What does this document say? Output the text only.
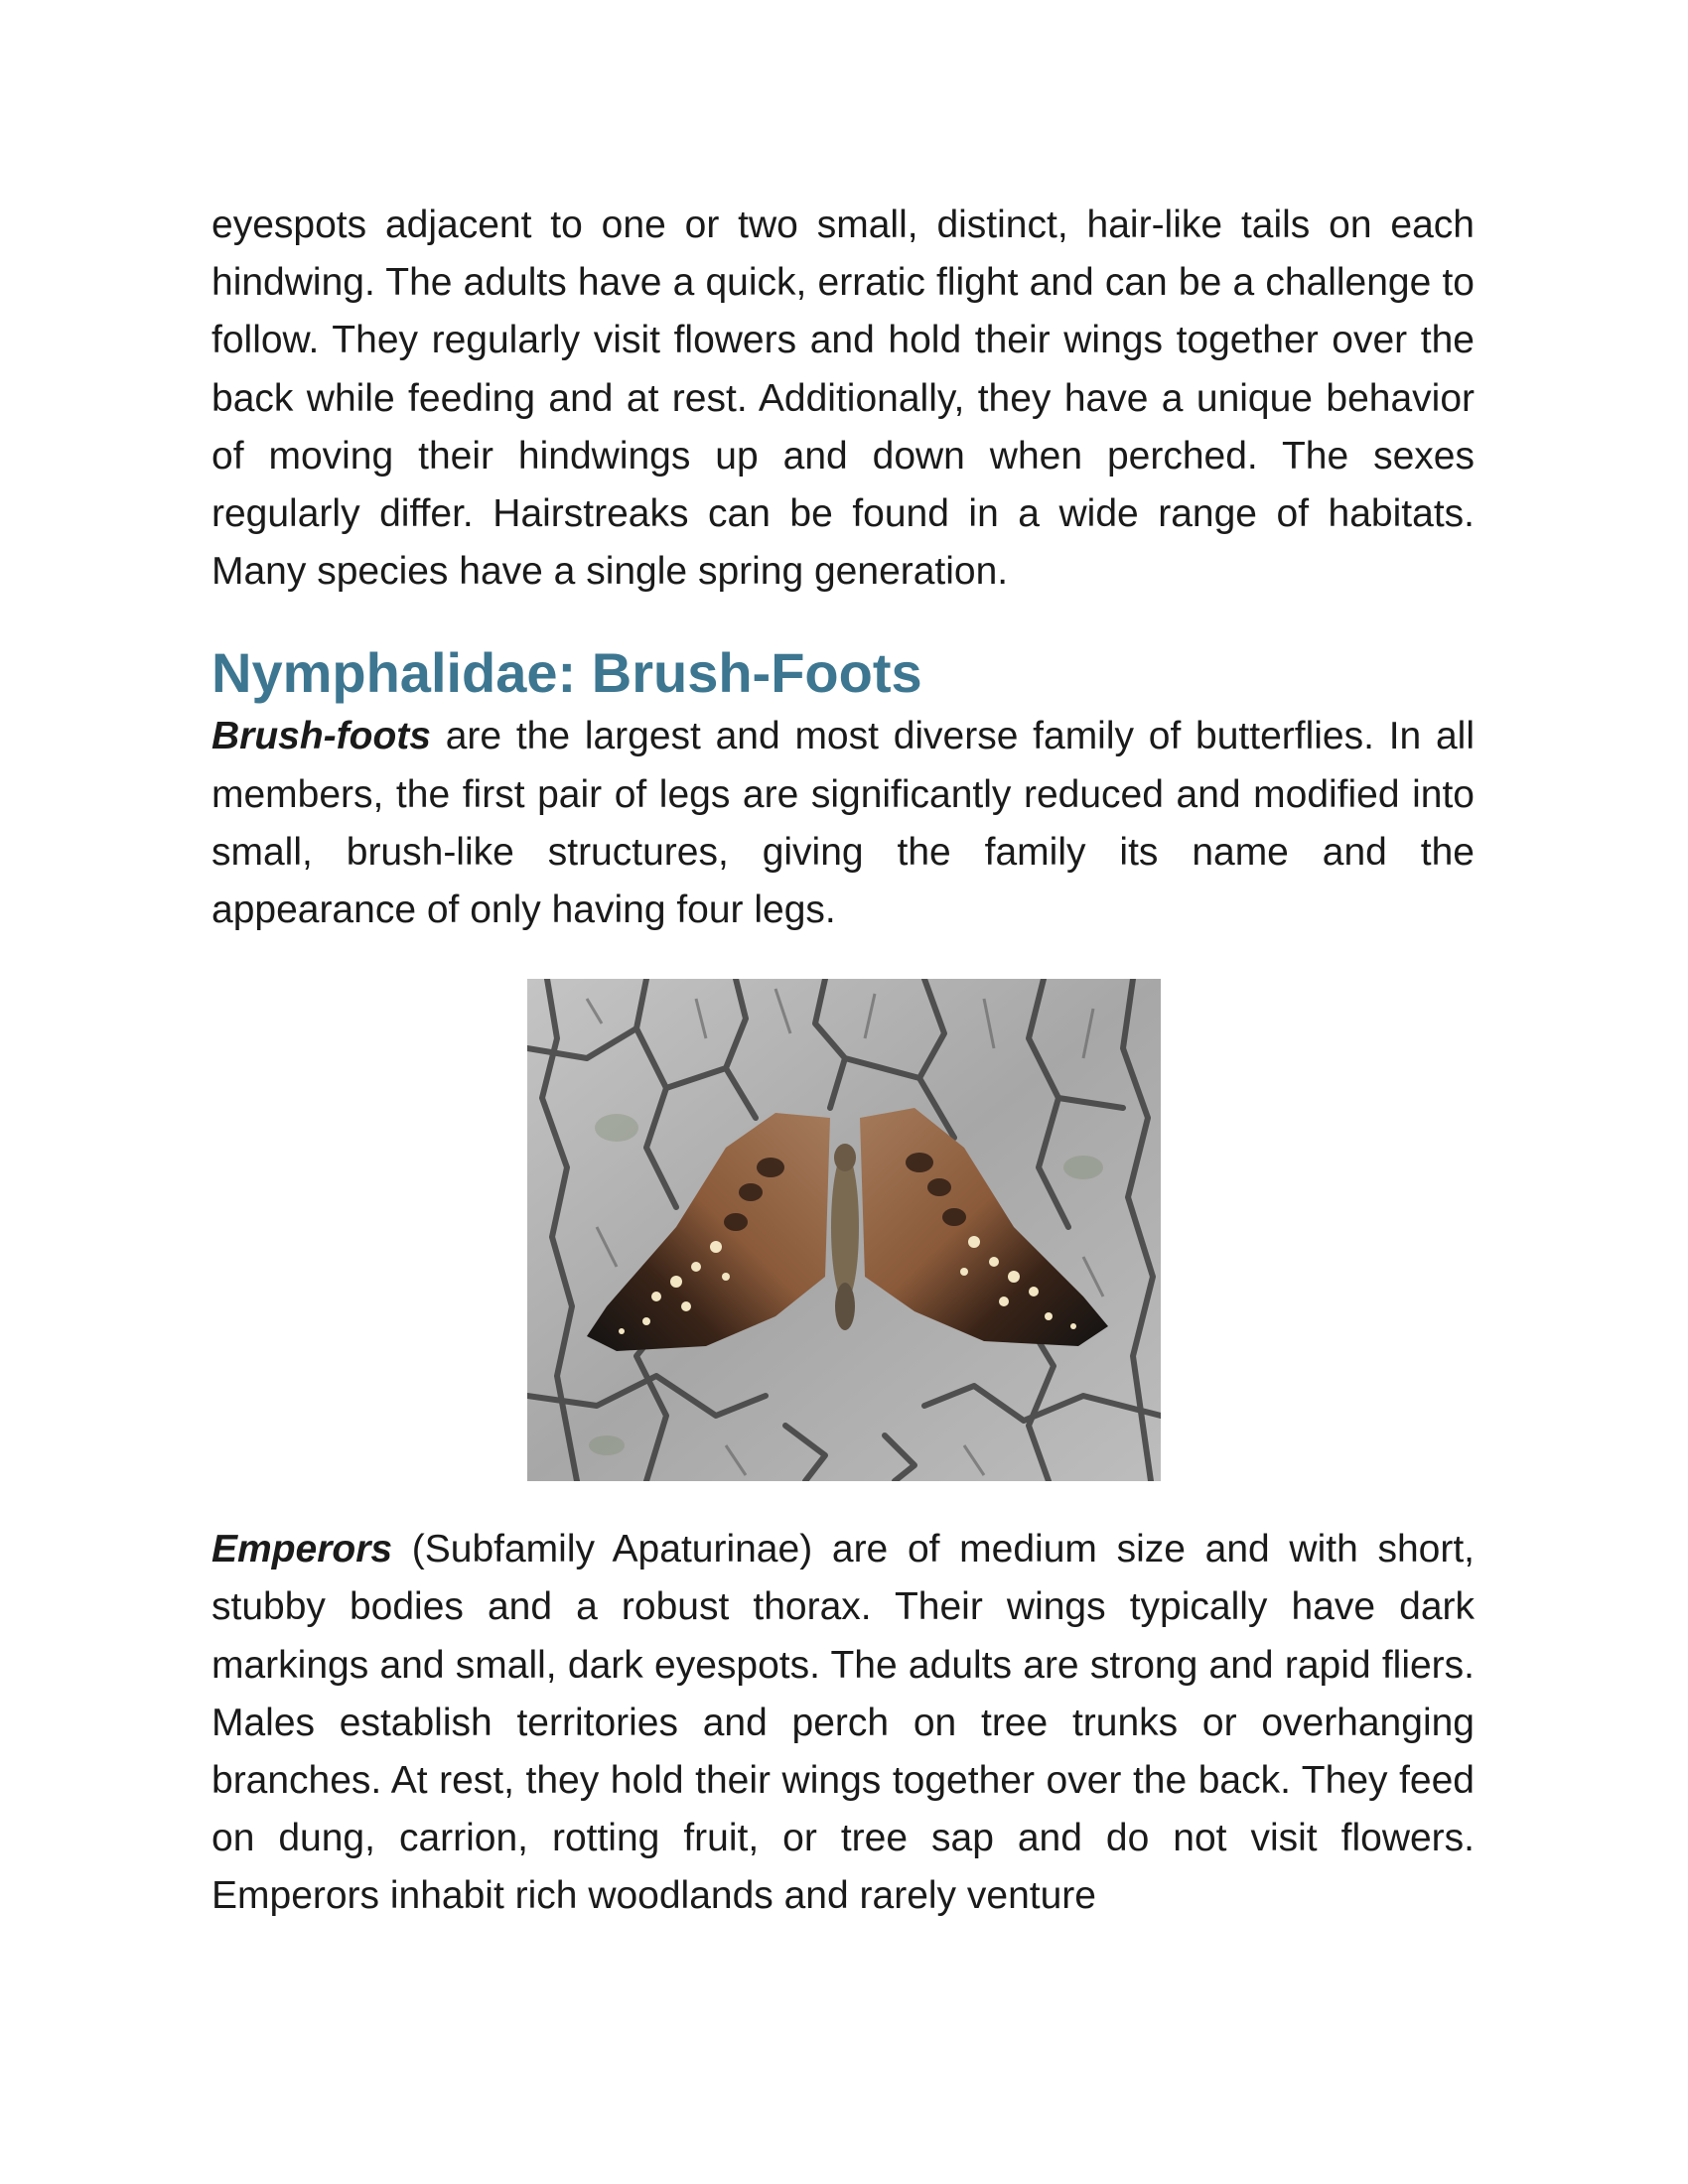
eyespots adjacent to one or two small, distinct, hair-like tails on each hindwing. The adults have a quick, erratic flight and can be a challenge to follow. They regularly visit flowers and hold their wings together over the back while feeding and at rest. Additionally, they have a unique behavior of moving their hindwings up and down when perched. The sexes regularly differ. Hairstreaks can be found in a wide range of habitats. Many species have a single spring generation.

Nymphalidae: Brush-Foots

Brush-foots are the largest and most diverse family of butterflies. In all members, the first pair of legs are significantly reduced and modified into small, brush-like structures, giving the family its name and the appearance of only having four legs.

Emperors (Subfamily Apaturinae) are of medium size and with short, stubby bodies and a robust thorax. Their wings typically have dark markings and small, dark eyespots. The adults are strong and rapid fliers. Males establish territories and perch on tree trunks or overhanging branches. At rest, they hold their wings together over the back. They feed on dung, carrion, rotting fruit, or tree sap and do not visit flowers. Emperors inhabit rich woodlands and rarely venture
